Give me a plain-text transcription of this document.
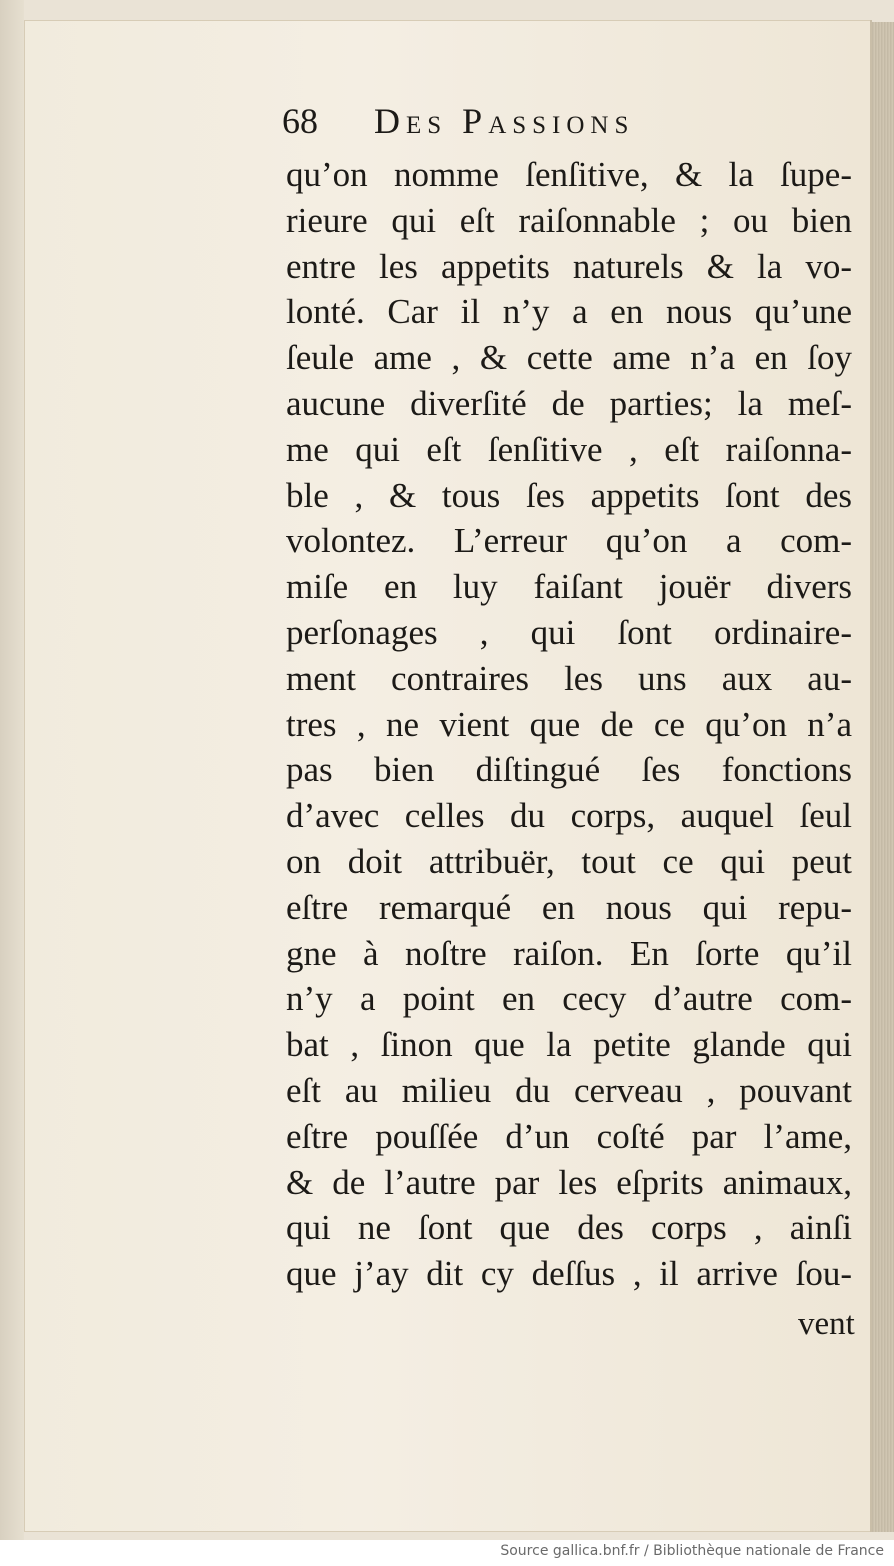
68 Des Passions
qu’on nomme ſenſitive, & la ſupe-
rieure qui eſt raiſonnable ; ou bien
entre les appetits naturels & la vo-
lonté. Car il n’y a en nous qu’une
ſeule ame , & cette ame n’a en ſoy
aucune diverſité de parties; la meſ-
me qui eſt ſenſitive , eſt raiſonna-
ble , & tous ſes appetits ſont des
volontez. L’erreur qu’on a com-
miſe en luy faiſant jouër divers
perſonages , qui ſont ordinaire-
ment contraires les uns aux au-
tres , ne vient que de ce qu’on n’a
pas bien diſtingué ſes fonctions
d’avec celles du corps, auquel ſeul
on doit attribuër, tout ce qui peut
eſtre remarqué en nous qui repu-
gne à noſtre raiſon. En ſorte qu’il
n’y a point en cecy d’autre com-
bat , ſinon que la petite glande qui
eſt au milieu du cerveau , pouvant
eſtre pouſſée d’un coſté par l’ame,
& de l’autre par les eſprits animaux,
qui ne ſont que des corps , ainſi
que j’ay dit cy deſſus , il arrive ſou-
vent
Source gallica.bnf.fr / Bibliothèque nationale de France
